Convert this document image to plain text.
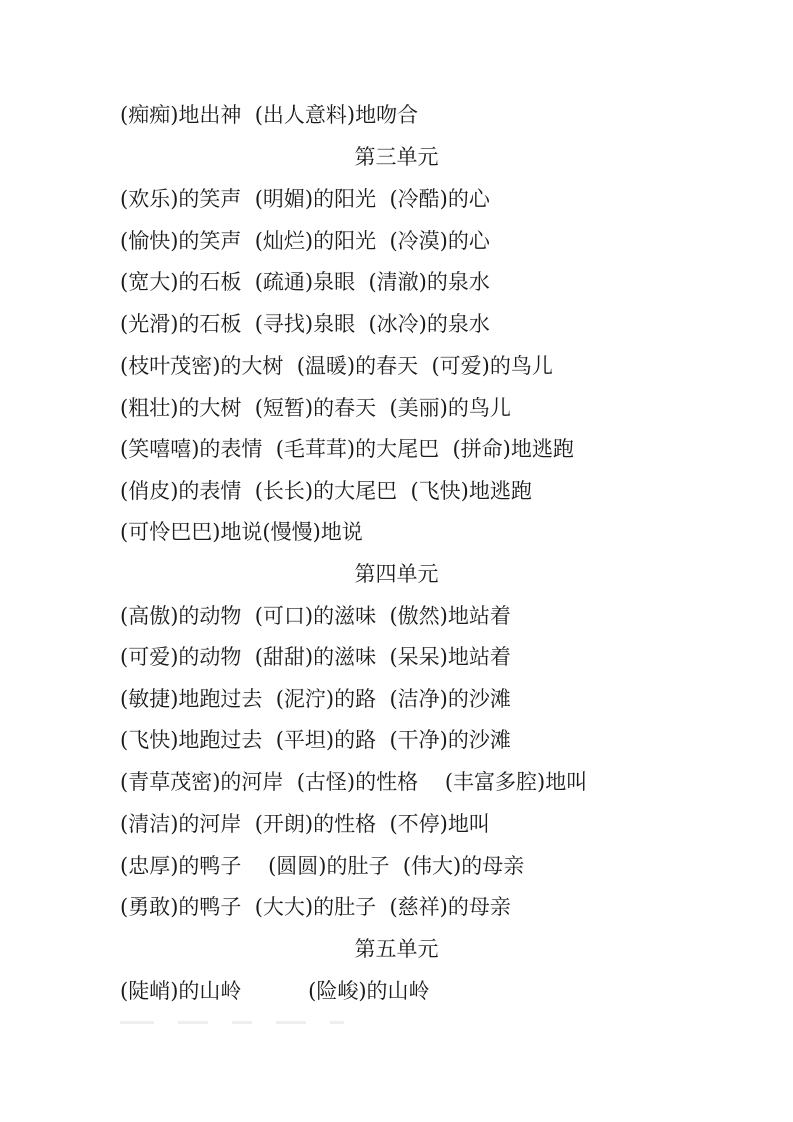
(痴痴)地出神  (出人意料)地吻合
第三单元
(欢乐)的笑声  (明媚)的阳光  (冷酷)的心
(愉快)的笑声  (灿烂)的阳光  (冷漠)的心
(宽大)的石板  (疏通)泉眼  (清澈)的泉水
(光滑)的石板  (寻找)泉眼  (冰冷)的泉水
(枝叶茂密)的大树  (温暖)的春天  (可爱)的鸟儿
(粗壮)的大树  (短暂)的春天  (美丽)的鸟儿
(笑嘻嘻)的表情  (毛茸茸)的大尾巴  (拼命)地逃跑
(俏皮)的表情  (长长)的大尾巴  (飞快)地逃跑
(可怜巴巴)地说(慢慢)地说
第四单元
(高傲)的动物  (可口)的滋味  (傲然)地站着
(可爱)的动物  (甜甜)的滋味  (呆呆)地站着
(敏捷)地跑过去  (泥泞)的路  (洁净)的沙滩
(飞快)地跑过去  (平坦)的路  (干净)的沙滩
(青草茂密)的河岸  (古怪)的性格    (丰富多腔)地叫
(清洁)的河岸  (开朗)的性格  (不停)地叫
(忠厚)的鸭子    (圆圆)的肚子  (伟大)的母亲
(勇敢)的鸭子  (大大)的肚子  (慈祥)的母亲
第五单元
(陡峭)的山岭          (险峻)的山岭
